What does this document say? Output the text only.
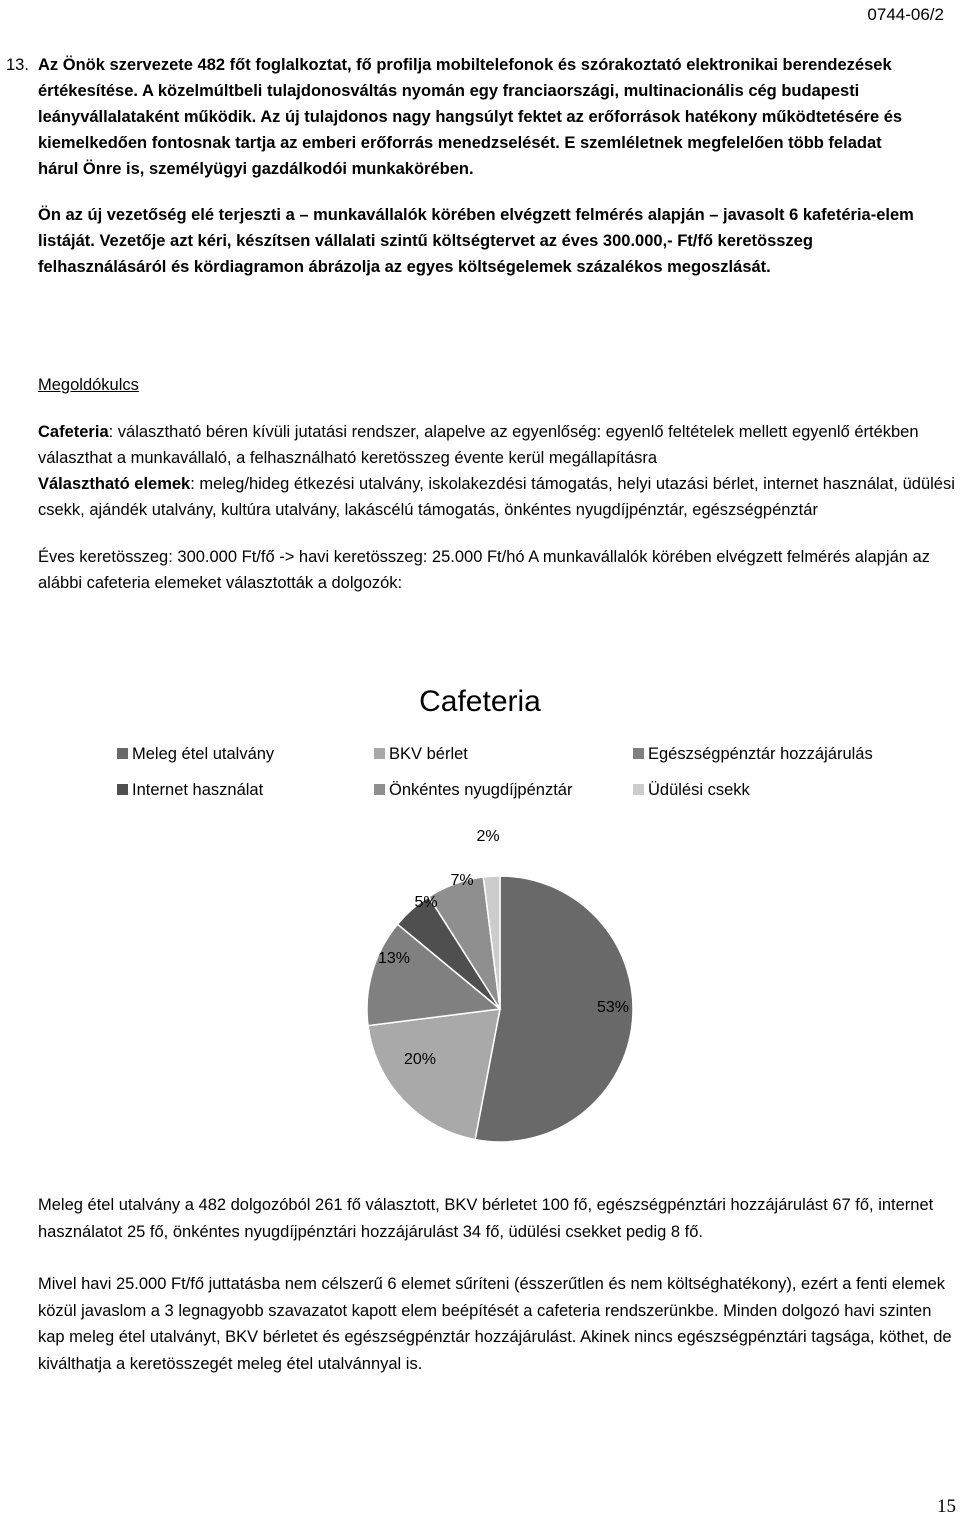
0744-06/2
13. Az Önök szervezete 482 főt foglalkoztat, fő profilja mobiltelefonok és szórakoztató elektronikai berendezések értékesítése. A közelmúltbeli tulajdonosváltás nyomán egy franciaországi, multinacionális cég budapesti leányvállalataként működik. Az új tulajdonos nagy hangsúlyt fektet az erőforrások hatékony működtetésére és kiemelkedően fontosnak tartja az emberi erőforrás menedzselését. E szemléletnek megfelelően több feladat hárul Önre is, személyügyi gazdálkodói munkakörében.

Ön az új vezetőség elé terjeszti a – munkavállalók körében elvégzett felmérés alapján – javasolt 6 kafetéria-elem listáját. Vezetője azt kéri, készítsen vállalati szintű költségtervet az éves 300.000,- Ft/fő keretösszeg felhasználásáról és kördiagramon ábrázolja az egyes költségelemek százalékos megoszlását.

Megoldókulcs

Cafeteria: választható béren kívüli jutatási rendszer, alapelve az egyenlőség: egyenlő feltételek mellett egyenlő értékben választhat a munkavállaló, a felhasználható keretösszeg évente kerül megállapításra
Választható elemek: meleg/hideg étkezési utalvány, iskolakezdési támogatás, helyi utazási bérlet, internet használat, üdülési csekk, ajándék utalvány, kultúra utalvány, lakáscélú támogatás, önkéntes nyugdíjpénztár, egészségpénztár

Éves keretösszeg: 300.000 Ft/fő -> havi keretösszeg: 25.000 Ft/hó A munkavállalók körében elvégzett felmérés alapján az alábbi cafeteria elemeket választották a dolgozók:

Cafeteria
Meleg étel utalvány	BKV bérlet	Egészségpénztár hozzájárulás
Internet használat	Önkéntes nyugdíjpénztár	Üdülési csekk
53%
20%
13%
5%
7%
2%

Meleg étel utalvány a 482 dolgozóból 261 fő választott, BKV bérletet 100 fő, egészségpénztári hozzájárulást 67 fő, internet használatot 25 fő, önkéntes nyugdíjpénztári hozzájárulást 34 fő, üdülési csekket pedig 8 fő.

Mivel havi 25.000 Ft/fő juttatásba nem célszerű 6 elemet sűríteni (ésszerűtlen és nem költséghatékony), ezért a fenti elemek közül javaslom a 3 legnagyobb szavazatot kapott elem beépítését a cafeteria rendszerünkbe. Minden dolgozó havi szinten kap meleg étel utalványt, BKV bérletet és egészségpénztár hozzájárulást. Akinek nincs egészségpénztári tagsága, köthet, de kiválthatja a keretösszegét meleg étel utalvánnyal is.

15
